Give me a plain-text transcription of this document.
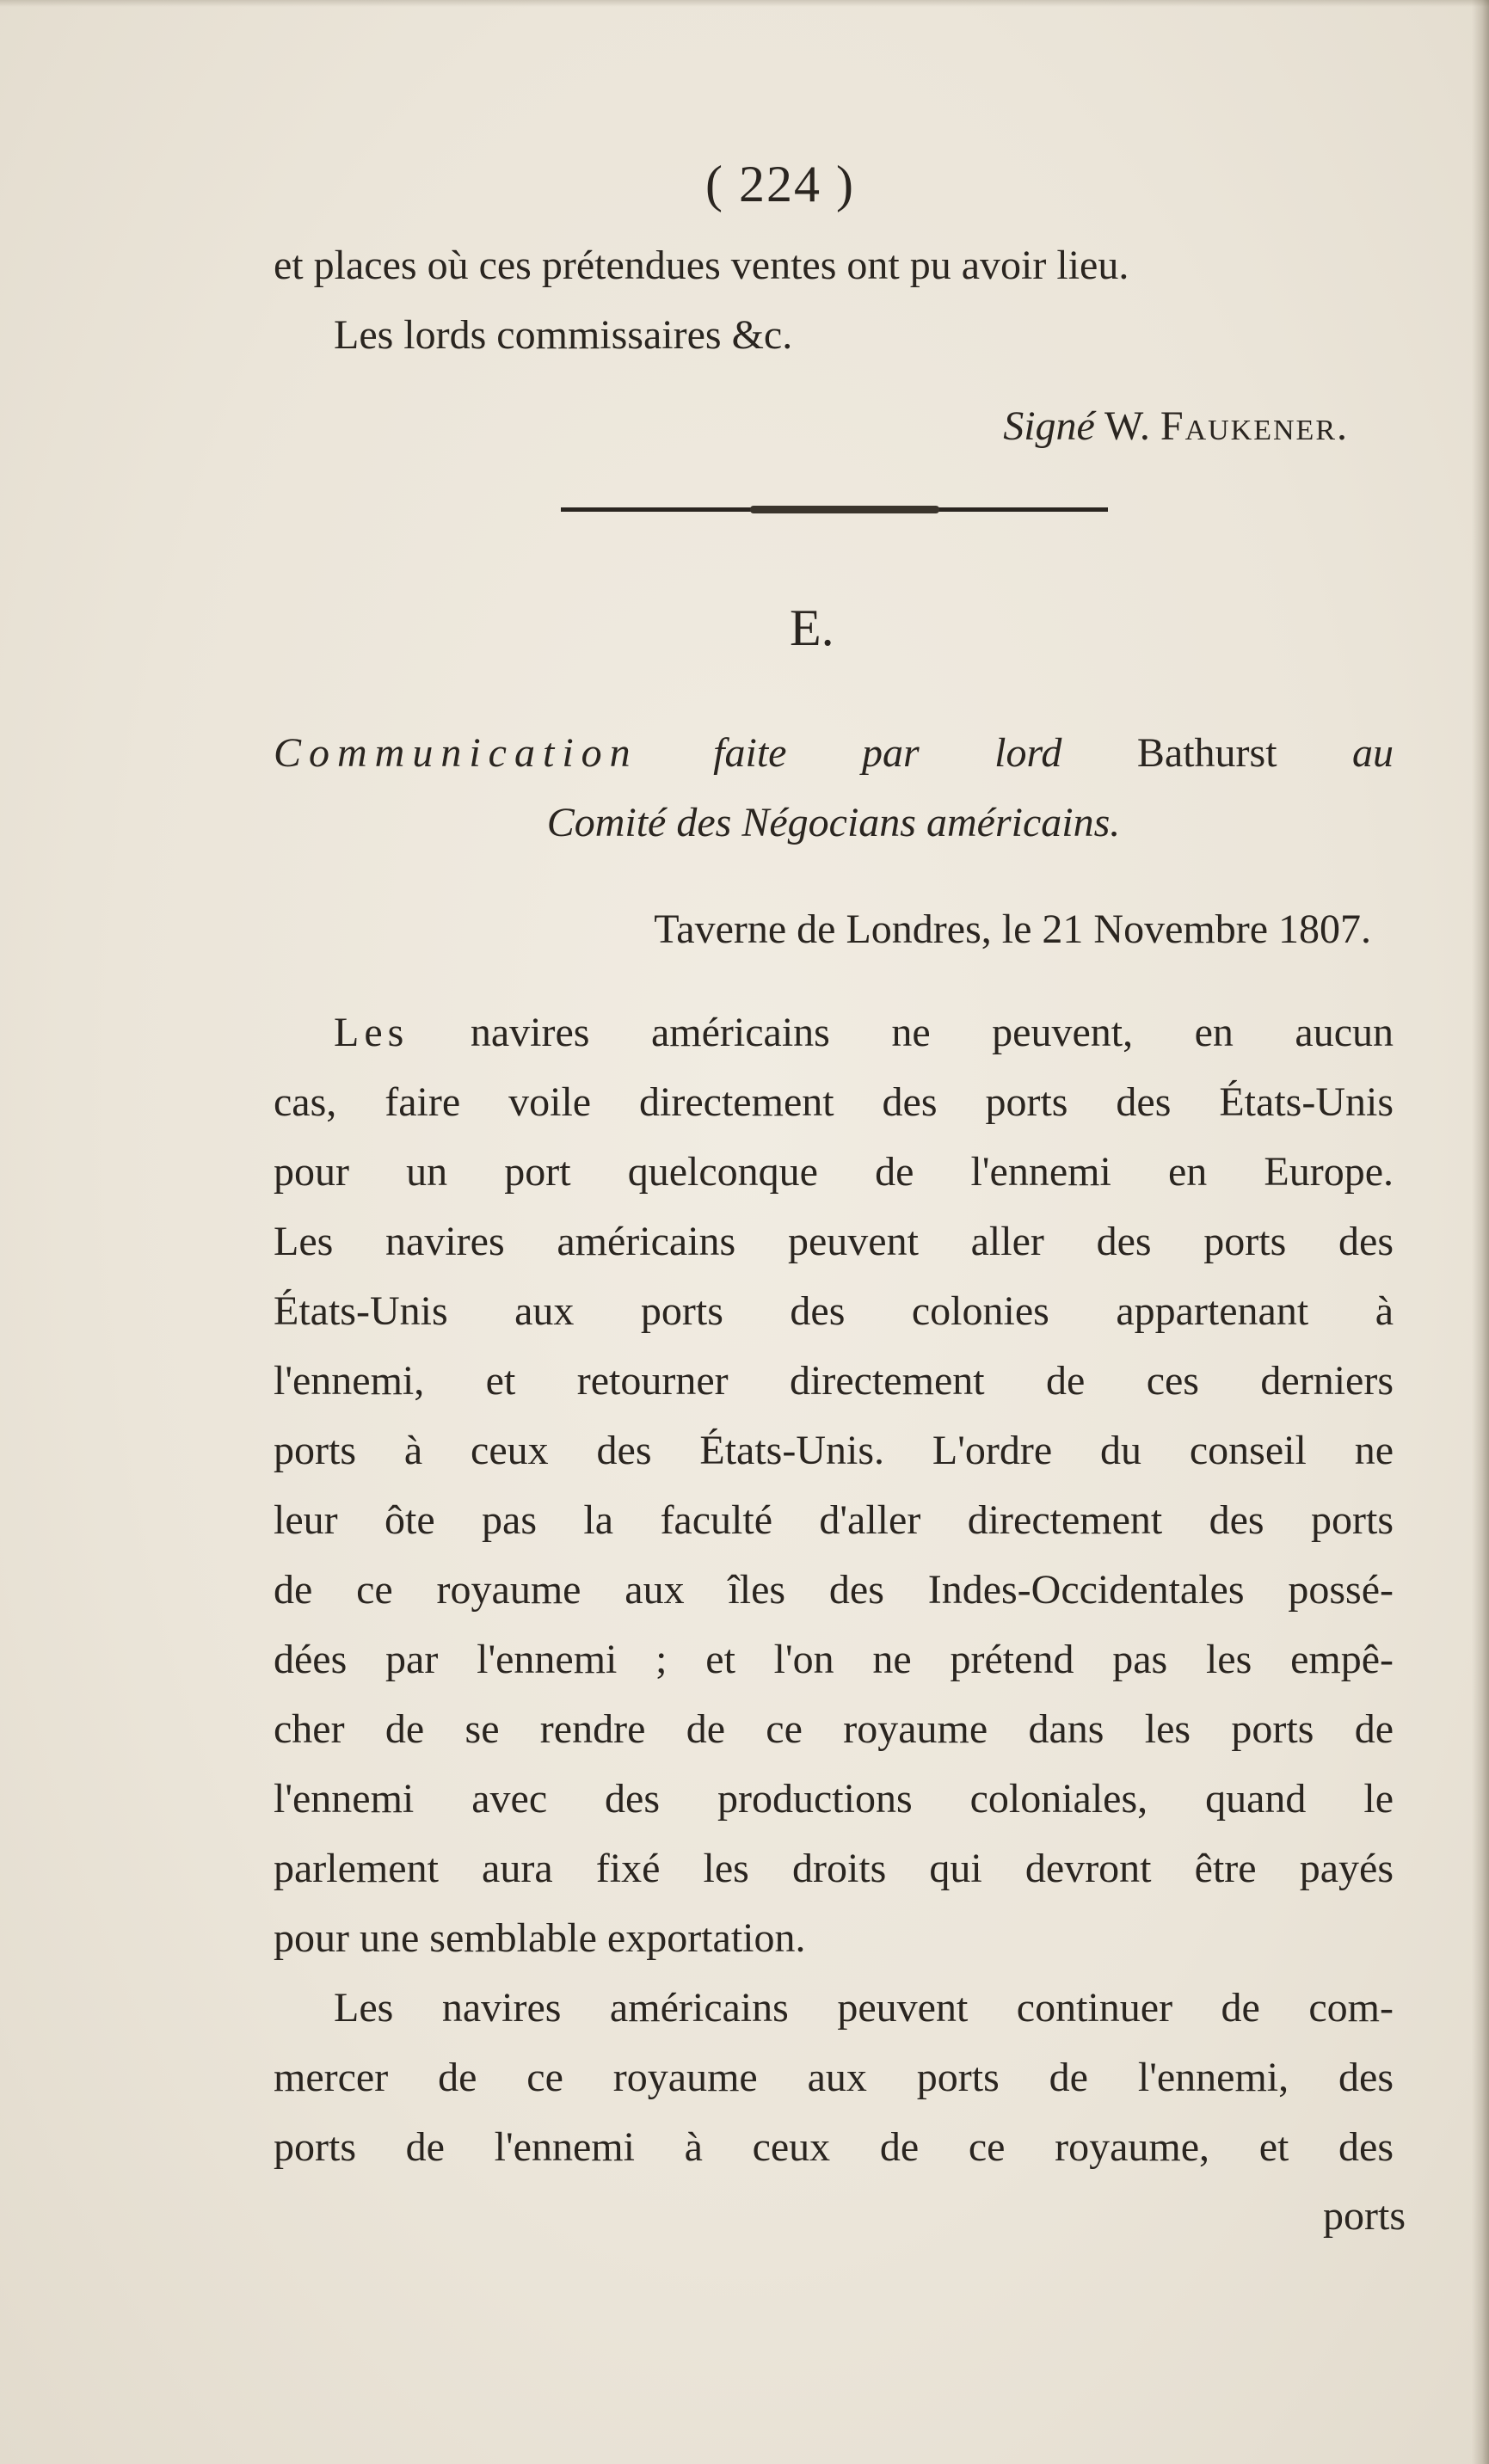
( 224 )
et places où ces prétendues ventes ont pu avoir lieu.
Les lords commissaires &c.
Signé W. Faukener.
E.
Communication faite par lord Bathurst au
Comité des Négocians américains.
Taverne de Londres, le 21 Novembre 1807.
Les navires américains ne peuvent, en aucun
cas, faire voile directement des ports des États-Unis
pour un port quelconque de l'ennemi en Europe.
Les navires américains peuvent aller des ports des
États-Unis aux ports des colonies appartenant à
l'ennemi, et retourner directement de ces derniers
ports à ceux des États-Unis. L'ordre du conseil ne
leur ôte pas la faculté d'aller directement des ports
de ce royaume aux îles des Indes-Occidentales possé-
dées par l'ennemi ; et l'on ne prétend pas les empê-
cher de se rendre de ce royaume dans les ports de
l'ennemi avec des productions coloniales, quand le
parlement aura fixé les droits qui devront être payés
pour une semblable exportation.
Les navires américains peuvent continuer de com-
mercer de ce royaume aux ports de l'ennemi, des
ports de l'ennemi à ceux de ce royaume, et des
ports
